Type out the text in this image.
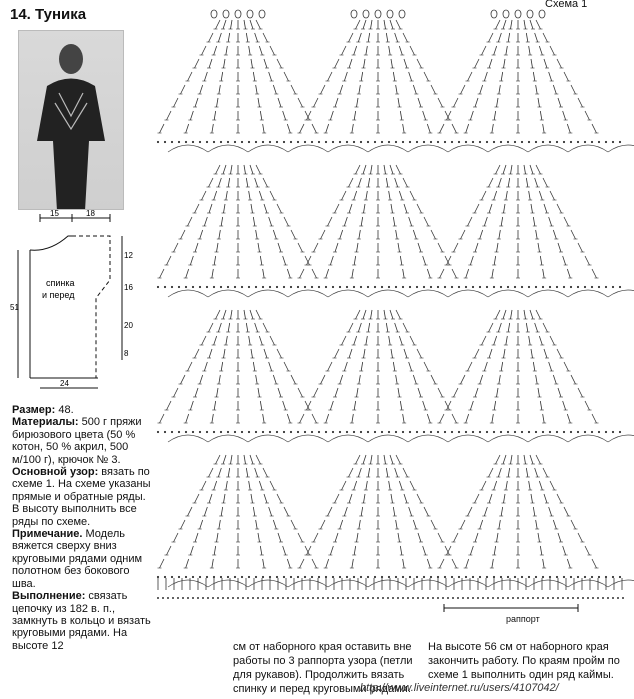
14. Туника
Схема 1
15	18
12
16
20
8
51
24
спинка
и перед
раппорт
Размер: 48.
Материалы: 500 г пряжи бирюзового цвета (50 % котон, 50 % акрил, 500 м/100 г), крючок № 3.
Основной узор: вязать по схеме 1. На схеме указаны прямые и обратные ряды. В высоту выполнить все ряды по схеме.
Примечание. Модель вяжется сверху вниз круговыми рядами одним полотном без бокового шва.
Выполнение: связать цепочку из 182 в. п., замкнуть в кольцо и вязать круговыми рядами. На высоте 12	см от наборного края оставить вне работы по 3 раппорта узора (петли для рукавов). Продолжить вязать спинку и перед круговыми рядами.
На высоте 56 см от наборного края закончить работу. По краям пройм по схеме 1 выполнить один ряд каймы.
http://www.liveinternet.ru/users/4107042/
